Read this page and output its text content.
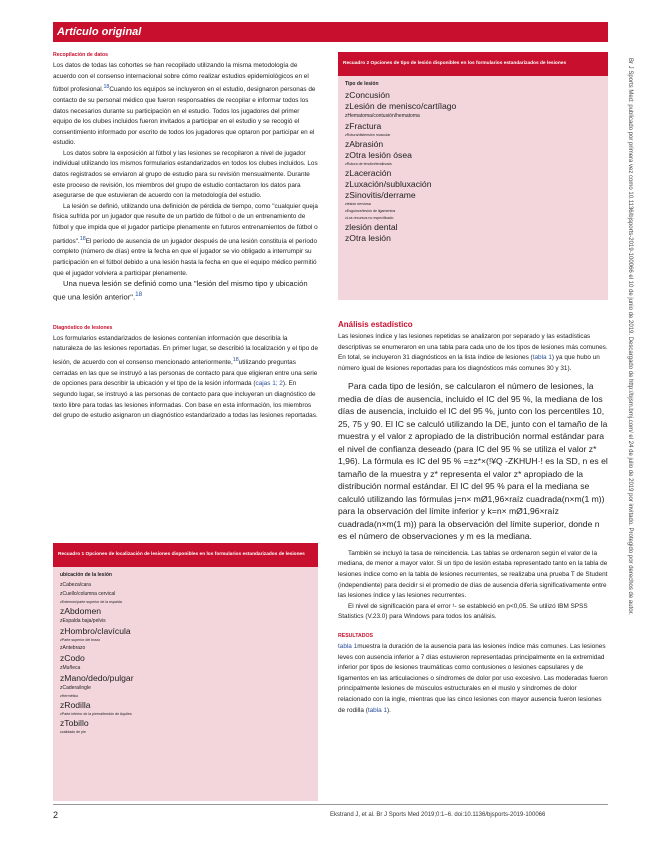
Artículo original

Recopilación de datos

Los datos de todas las cohortes se han recopilado utilizando la misma metodología de acuerdo con el consenso internacional sobre cómo realizar estudios epidemiológicos en el fútbol profesional.$^{18}$Cuando los equipos se incluyeron en el estudio, designaron personas de contacto de su personal médico que fueron responsables de recopilar e informar todos los datos necesarios durante su participación en el estudio. Todos los jugadores del primer equipo de los clubes incluidos fueron invitados a participar en el estudio y se recogió el consentimiento informado por escrito de todos los jugadores que optaron por participar en el estudio.

Los datos sobre la exposición al fútbol y las lesiones se recopilaron a nivel de jugador individual utilizando los mismos formularios estandarizados en todos los clubes incluidos. Los datos registrados se enviaron al grupo de estudio para su revisión mensualmente. Durante este proceso de revisión, los miembros del grupo de estudio contactaron los datos para asegurarse de que estuvieran de acuerdo con la metodología del estudio.

La lesión se definió, utilizando una definición de pérdida de tiempo, como "cualquier queja física sufrida por un jugador que resulte de un partido de fútbol o de un entrenamiento de fútbol y que impida que el jugador participe plenamente en futuros entrenamientos de fútbol o partidos".$^{18}$El período de ausencia de un jugador después de una lesión constituía el período completo (número de días) entre la fecha en que el jugador se vio obligado a interrumpir su participación en el fútbol debido a una lesión hasta la fecha en que el equipo médico permitió que el jugador volviera a participar plenamente.

Una nueva lesión se definió como una "lesión del mismo tipo y ubicación que una lesión anterior".$^{18}$

Diagnóstico de lesiones

Los formularios estandarizados de lesiones contenían información que describía la naturaleza de las lesiones reportadas. En primer lugar, se describió la localización y el tipo de lesión, de acuerdo con el consenso mencionado anteriormente,$^{18}$utilizando preguntas cerradas en las que se instruyó a las personas de contacto para que eligieran entre una serie de opciones para describir la ubicación y el tipo de la lesión informada (cajas 1; 2). En segundo lugar, se instruyó a las personas de contacto para que incluyeran un diagnóstico de texto libre para todas las lesiones informadas. Con base en esta información, los miembros del grupo de estudio asignaron un diagnóstico estandarizado a todas las lesiones reportadas.

Recuadro 1 Opciones de localización de lesiones disponibles en los formularios estandarizados de lesiones

ubicación de la lesión

zCabeza/cara
zCuello/columna cervical
zEsternón/parte superior de la espalda
zAbdomen
zEspalda baja/pelvis
zHombro/clavícula
zParte superior del brazo
zAntebrazo
zCodo
zMuñeca
zMano/dedo/pulgar
zCadera/ingle
zHermético
zRodilla
zParte inferior de la pierna/tendón de Aquiles
zTobillo
zcalidado de pie
Recuadro 2 Opciones de tipo de lesión disponibles en los formularios estandarizados de lesiones

Tipo de lesión

zConcusión
zLesión de menisco/cartílago
zHematoma/contusión/hematoma
zFractura
zRotura/distensión muscular
zAbrasión
zOtra lesión ósea
zRotura de tendón/tendinosis
zLaceración
zLuxación/subluxación
zSinovitis/derrame
zlesión nerviosa
zEsguince/lesión de ligamentos
zLos recursos no especificado
zlesión dental
zOtra lesión

Análisis estadístico

Las lesiones índice y las lesiones repetidas se analizaron por separado y las estadísticas descriptivas se enumeraron en una tabla para cada uno de los tipos de lesiones más comunes. En total, se incluyeron 31 diagnósticos en la lista índice de lesiones (tabla 1) ya que hubo un número igual de lesiones reportadas para los diagnósticos más comunes 30 y 31).

Para cada tipo de lesión, se calcularon el número de lesiones, la media de días de ausencia, incluido el IC del 95 %, la mediana de los días de ausencia, incluido el IC del 95 %, junto con los percentiles 10, 25, 75 y 90. El IC se calculó utilizando la DE, junto con el tamaño de la muestra y el valor z apropiado de la distribución normal estándar para el nivel de confianza deseado (para IC del 95 % se utiliza el valor z* 1,96). La fórmula es IC del 95 % =±z*×(!¥Q -ZKHUH·! es la SD, n es el tamaño de la muestra y z* representa el valor z* apropiado de la distribución normal estándar. El IC del 95 % para el la mediana se calculó utilizando las fórmulas j=n× mØ1,96×raíz cuadrada(n×m(1 m)) para la observación del límite inferior y k=n× mØ1,96×raíz cuadrada(n×m(1 m)) para la observación del límite superior, donde n es el número de observaciones y m es la mediana.

También se incluyó la tasa de reincidencia. Las tablas se ordenaron según el valor de la mediana, de menor a mayor valor. Si un tipo de lesión estaba representado tanto en la tabla de lesiones índice como en la tabla de lesiones recurrentes, se realizaba una prueba T de Student (independiente) para decidir si el promedio de días de ausencia difería significativamente entre las lesiones índice y las lesiones recurrentes.

El nivel de significación para el error ¹- se estableció en p<0,05. Se utilizó IBM SPSS Statistics (V.23.0) para Windows para todos los análisis.

RESULTADOS

tabla 1muestra la duración de la ausencia para las lesiones índice más comunes. Las lesiones leves con ausencia inferior a 7 días estuvieron representadas principalmente en la extremidad inferior por tipos de lesiones traumáticas como contusiones o lesiones capsulares y de ligamentos en las articulaciones o síndromes de dolor por uso excesivo. Las moderadas fueron principalmente lesiones de músculos estructurales en el muslo y síndromes de dolor relacionado con la ingle, mientras que las cinco lesiones con mayor ausencia fueron lesiones de rodilla (tabla 1).

Br J Sports Med: publicado por primera vez como 10.1136/bjsports-2019-100066 el 10 de junio de 2019. Descargado de http://bjsm.bmj.com/ el 24 de julio de 2019 por invitado. Protegido por derechos de autor.
2	Ekstrand J, et al. Br J Sports Med 2019;0:1–6. doi:10.1136/bjsports-2019-100066
